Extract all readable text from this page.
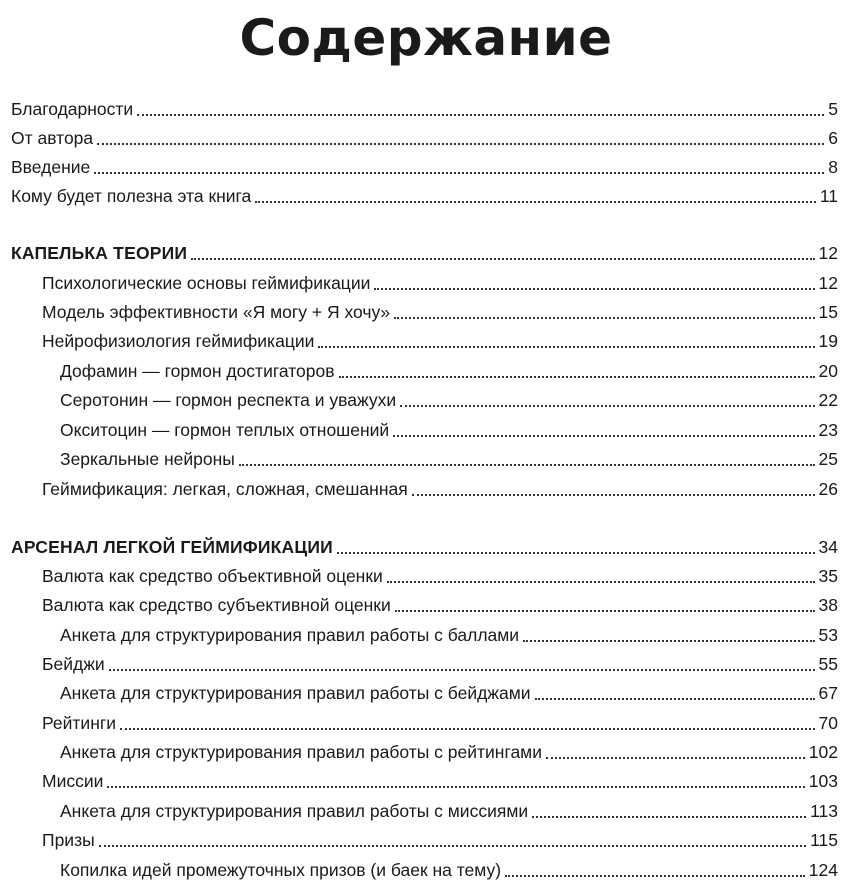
Содержание
Благодарности	5
От автора	6
Введение	8
Кому будет полезна эта книга	11
КАПЕЛЬКА ТЕОРИИ	12
Психологические основы геймификации	12
Модель эффективности «Я могу + Я хочу»	15
Нейрофизиология геймификации	19
Дофамин — гормон достигаторов	20
Серотонин — гормон респекта и уважухи	22
Окситоцин — гормон теплых отношений	23
Зеркальные нейроны	25
Геймификация: легкая, сложная, смешанная	26
АРСЕНАЛ ЛЕГКОЙ ГЕЙМИФИКАЦИИ	34
Валюта как средство объективной оценки	35
Валюта как средство субъективной оценки	38
Анкета для структурирования правил работы с баллами	53
Бейджи	55
Анкета для структурирования правил работы с бейджами	67
Рейтинги	70
Анкета для структурирования правил работы с рейтингами	102
Миссии	103
Анкета для структурирования правил работы с миссиями	113
Призы	115
Копилка идей промежуточных призов (и баек на тему)	124
